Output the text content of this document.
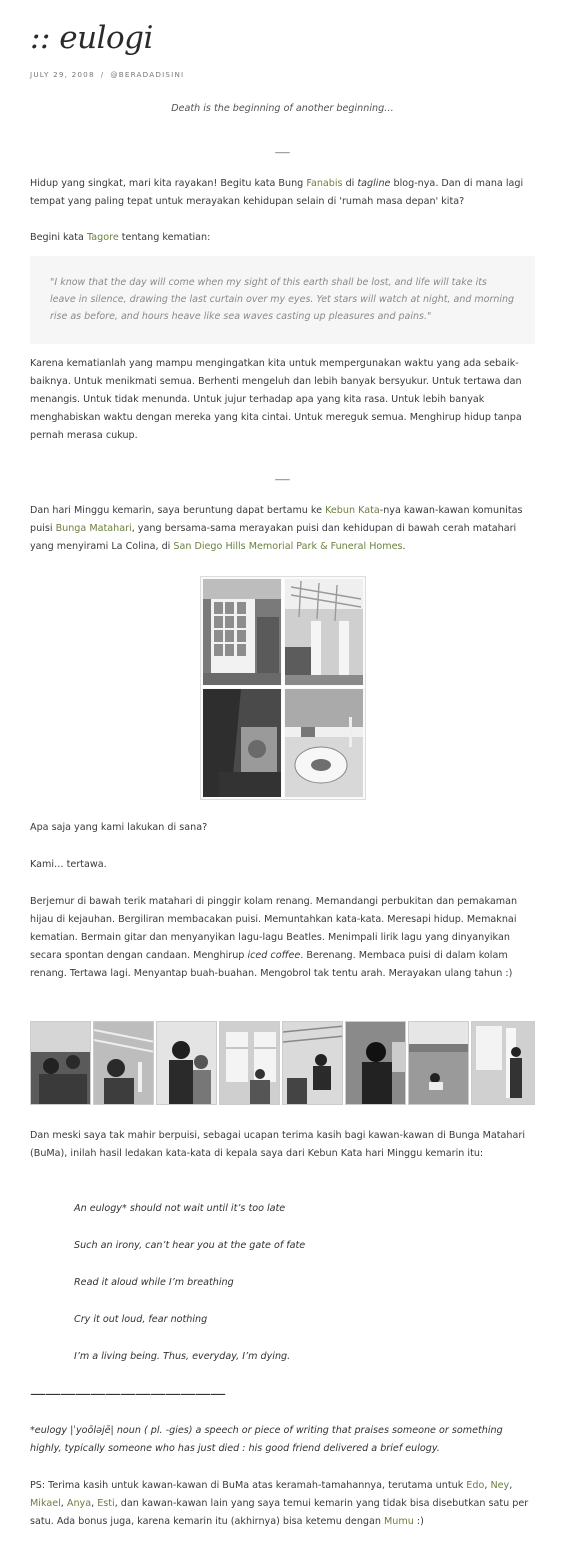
:: eulogi
JULY 29, 2008 / @BERADADISINI
Death is the beginning of another beginning…
___
Hidup yang singkat, mari kita rayakan! Begitu kata Bung Fanabis di tagline blog-nya. Dan di mana lagi tempat yang paling tepat untuk merayakan kehidupan selain di 'rumah masa depan' kita?
Begini kata Tagore tentang kematian:
"I know that the day will come when my sight of this earth shall be lost, and life will take its leave in silence, drawing the last curtain over my eyes. Yet stars will watch at night, and morning rise as before, and hours heave like sea waves casting up pleasures and pains."
Karena kematianlah yang mampu mengingatkan kita untuk mempergunakan waktu yang ada sebaik-baiknya. Untuk menikmati semua. Berhenti mengeluh dan lebih banyak bersyukur. Untuk tertawa dan menangis. Untuk tidak menunda. Untuk jujur terhadap apa yang kita rasa. Untuk lebih banyak menghabiskan waktu dengan mereka yang kita cintai. Untuk mereguk semua. Menghirup hidup tanpa pernah merasa cukup.
___
Dan hari Minggu kemarin, saya beruntung dapat bertamu ke Kebun Kata-nya kawan-kawan komunitas puisi Bunga Matahari, yang bersama-sama merayakan puisi dan kehidupan di bawah cerah matahari yang menyirami La Colina, di San Diego Hills Memorial Park & Funeral Homes.
Apa saja yang kami lakukan di sana?
Kami… tertawa.
Berjemur di bawah terik matahari di pinggir kolam renang. Memandangi perbukitan dan pemakaman hijau di kejauhan. Bergiliran membacakan puisi. Memuntahkan kata-kata. Meresapi hidup. Memaknai kematian. Bermain gitar dan menyanyikan lagu-lagu Beatles. Menimpali lirik lagu yang dinyanyikan secara spontan dengan candaan. Menghirup iced coffee. Berenang. Membaca puisi di dalam kolam renang. Tertawa lagi. Menyantap buah-buahan. Mengobrol tak tentu arah. Merayakan ulang tahun :)
Dan meski saya tak mahir berpuisi, sebagai ucapan terima kasih bagi kawan-kawan di Bunga Matahari (BuMa), inilah hasil ledakan kata-kata di kepala saya dari Kebun Kata hari Minggu kemarin itu:
An eulogy* should not wait until it’s too late
Such an irony, can’t hear you at the gate of fate
Read it aloud while I’m breathing
Cry it out loud, fear nothing
I’m a living being. Thus, everyday, I’m dying.
—————————————
*eulogy |ˈyoōləjē| noun ( pl. -gies) a speech or piece of writing that praises someone or something highly, typically someone who has just died : his good friend delivered a brief eulogy.
PS: Terima kasih untuk kawan-kawan di BuMa atas keramah-tamahannya, terutama untuk Edo, Ney, Mikael, Anya, Esti, dan kawan-kawan lain yang saya temui kemarin yang tidak bisa disebutkan satu per satu. Ada bonus juga, karena kemarin itu (akhirnya) bisa ketemu dengan Mumu :)
